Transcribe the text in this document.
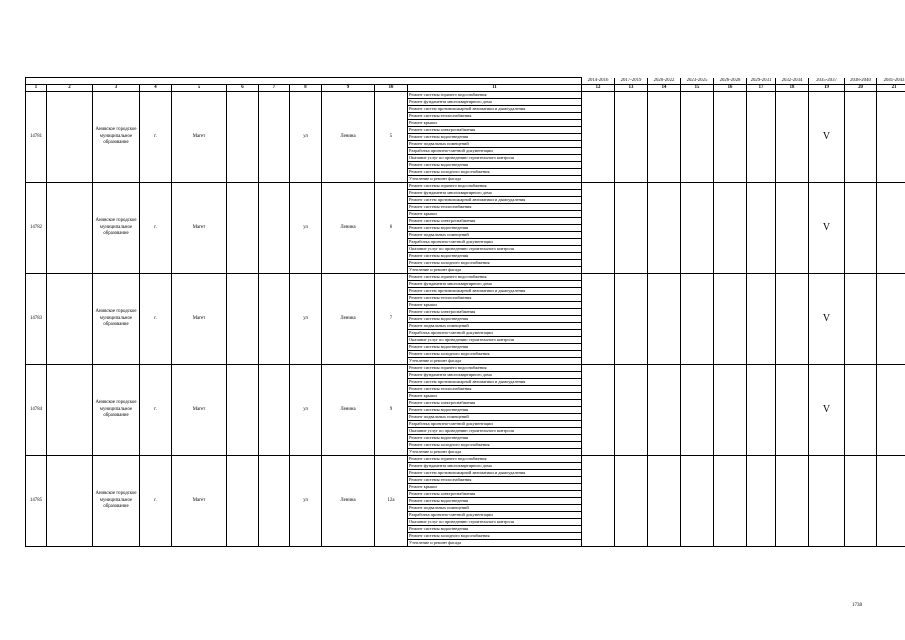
											2014-2016	2017-2019	2020-2022	2023-2025	2026-2028	2029-2031	2032-2034	2035-2037	2038-2040	2041-2043
1	2	3	4	5	6	7	8	9	10	11	12	13	14	15	16	17	18	19	20	21
14781		Анивское городское муниципальное образование	г.	Магет			ул	Ленина	5	Ремонт системы горячего водоснабжения								V		
										Ремонт фундамента многоквартирного дома										
										Ремонт систем противопожарной автоматики и дымоудаления										
										Ремонт системы теплоснабжения										
										Ремонт крыши										
										Ремонт системы электроснабжения										
										Ремонт системы водоотведения										
										Ремонт подвальных помещений										
										Разработка проектно-сметной документации										
										Оказание услуг по проведению строительного контроля										
										Ремонт системы водоотведения										
										Ремонт системы холодного водоснабжения										
										Утепление и ремонт фасада										
14782		Анивское городское муниципальное образование	г.	Магет			ул	Ленина	6	Ремонт системы горячего водоснабжения								V		
										Ремонт фундамента многоквартирного дома										
										Ремонт систем противопожарной автоматики и дымоудаления										
										Ремонт системы теплоснабжения										
										Ремонт крыши										
										Ремонт системы электроснабжения										
										Ремонт системы водоотведения										
										Ремонт подвальных помещений										
										Разработка проектно-сметной документации										
										Оказание услуг по проведению строительного контроля										
										Ремонт системы водоотведения										
										Ремонт системы холодного водоснабжения										
										Утепление и ремонт фасада										
14783		Анивское городское муниципальное образование	г.	Магет			ул	Ленина	7	Ремонт системы горячего водоснабжения								V		
										Ремонт фундамента многоквартирного дома										
										Ремонт систем противопожарной автоматики и дымоудаления										
										Ремонт системы теплоснабжения										
										Ремонт крыши										
										Ремонт системы электроснабжения										
										Ремонт системы водоотведения										
										Ремонт подвальных помещений										
										Разработка проектно-сметной документации										
										Оказание услуг по проведению строительного контроля										
										Ремонт системы водоотведения										
										Ремонт системы холодного водоснабжения										
										Утепление и ремонт фасада										
14784		Анивское городское муниципальное образование	г.	Магет			ул	Ленина	9	Ремонт системы горячего водоснабжения								V		
										Ремонт фундамента многоквартирного дома										
										Ремонт систем противопожарной автоматики и дымоудаления										
										Ремонт системы теплоснабжения										
										Ремонт крыши										
										Ремонт системы электроснабжения										
										Ремонт системы водоотведения										
										Ремонт подвальных помещений										
										Разработка проектно-сметной документации										
										Оказание услуг по проведению строительного контроля										
										Ремонт системы водоотведения										
										Ремонт системы холодного водоснабжения										
										Утепление и ремонт фасада										
14785		Анивское городское муниципальное образование	г.	Магет			ул	Ленина	12а	Ремонт системы горячего водоснабжения										
										Ремонт фундамента многоквартирного дома										
										Ремонт систем противопожарной автоматики и дымоудаления										
										Ремонт системы теплоснабжения										
										Ремонт крыши										
										Ремонт системы электроснабжения										
										Ремонт системы водоотведения										
										Ремонт подвальных помещений										
										Разработка проектно-сметной документации										
										Оказание услуг по проведению строительного контроля										
										Ремонт системы водоотведения										
										Ремонт системы холодного водоснабжения										
										Утепление и ремонт фасада										
1738
